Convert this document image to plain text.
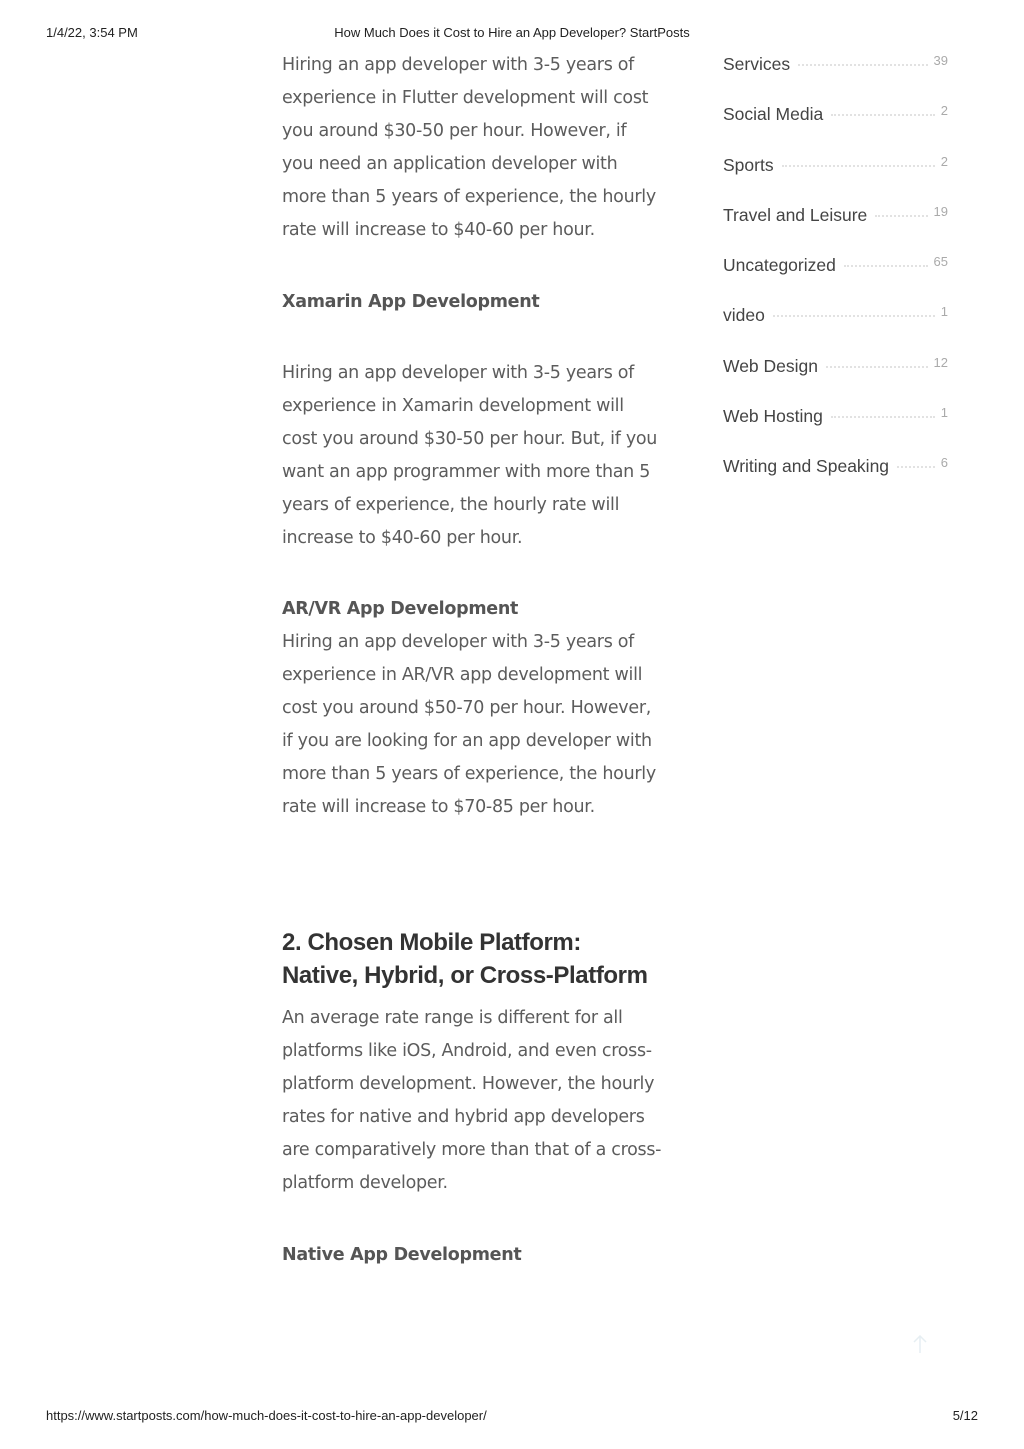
1/4/22, 3:54 PM	How Much Does it Cost to Hire an App Developer? StartPosts

Hiring an app developer with 3-5 years of experience in Flutter development will cost you around $30-50 per hour. However, if you need an application developer with more than 5 years of experience, the hourly rate will increase to $40-60 per hour.

Xamarin App Development

Hiring an app developer with 3-5 years of experience in Xamarin development will cost you around $30-50 per hour. But, if you want an app programmer with more than 5 years of experience, the hourly rate will increase to $40-60 per hour.

AR/VR App Development

Hiring an app developer with 3-5 years of experience in AR/VR app development will cost you around $50-70 per hour. However, if you are looking for an app developer with more than 5 years of experience, the hourly rate will increase to $70-85 per hour.

2. Chosen Mobile Platform: Native, Hybrid, or Cross-Platform

An average rate range is different for all platforms like iOS, Android, and even cross-platform development. However, the hourly rates for native and hybrid app developers are comparatively more than that of a cross-platform developer.

Native App Development
Services	39
Social Media	2
Sports	2
Travel and Leisure	19
Uncategorized	65
video	1
Web Design	12
Web Hosting	1
Writing and Speaking	6
https://www.startposts.com/how-much-does-it-cost-to-hire-an-app-developer/	5/12
